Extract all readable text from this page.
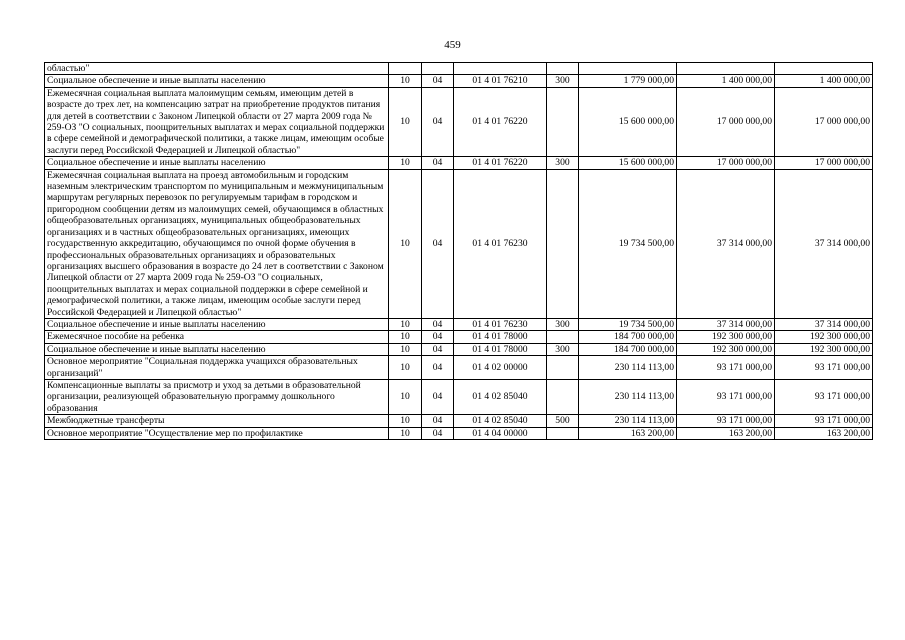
459
областью"							
Социальное обеспечение и иные выплаты населению	10	04	01 4 01 76210	300	1 779 000,00	1 400 000,00	1 400 000,00
Ежемесячная социальная выплата малоимущим семьям, имеющим детей в возрасте до трех лет, на компенсацию затрат на приобретение продуктов питания для детей в соответствии с Законом Липецкой области от 27 марта 2009 года № 259-ОЗ "О социальных, поощрительных выплатах и мерах социальной поддержки в сфере семейной и демографической политики, а также лицам, имеющим особые заслуги перед Российской Федерацией и Липецкой областью"	10	04	01 4 01 76220		15 600 000,00	17 000 000,00	17 000 000,00
Социальное обеспечение и иные выплаты населению	10	04	01 4 01 76220	300	15 600 000,00	17 000 000,00	17 000 000,00
Ежемесячная социальная выплата на проезд автомобильным и городским наземным электрическим транспортом по муниципальным и межмуниципальным маршрутам регулярных перевозок по регулируемым тарифам в городском и пригородном сообщении детям из малоимущих семей, обучающимся в областных общеобразовательных организациях, муниципальных общеобразовательных организациях и в частных общеобразовательных организациях, имеющих государственную аккредитацию, обучающимся по очной форме обучения в профессиональных образовательных организациях и образовательных организациях высшего образования в возрасте до 24 лет в соответствии с Законом Липецкой области от 27 марта 2009 года № 259-ОЗ "О социальных, поощрительных выплатах и мерах социальной поддержки в сфере семейной и демографической политики, а также лицам, имеющим особые заслуги перед Российской Федерацией и Липецкой областью"	10	04	01 4 01 76230		19 734 500,00	37 314 000,00	37 314 000,00
Социальное обеспечение и иные выплаты населению	10	04	01 4 01 76230	300	19 734 500,00	37 314 000,00	37 314 000,00
Ежемесячное пособие на ребенка	10	04	01 4 01 78000		184 700 000,00	192 300 000,00	192 300 000,00
Социальное обеспечение и иные выплаты населению	10	04	01 4 01 78000	300	184 700 000,00	192 300 000,00	192 300 000,00
Основное мероприятие "Социальная поддержка учащихся образовательных организаций"	10	04	01 4 02 00000		230 114 113,00	93 171 000,00	93 171 000,00
Компенсационные выплаты за присмотр и уход за детьми в образовательной организации, реализующей образовательную программу дошкольного образования	10	04	01 4 02 85040		230 114 113,00	93 171 000,00	93 171 000,00
Межбюджетные трансферты	10	04	01 4 02 85040	500	230 114 113,00	93 171 000,00	93 171 000,00
Основное мероприятие "Осуществление мер по профилактике	10	04	01 4 04 00000		163 200,00	163 200,00	163 200,00
